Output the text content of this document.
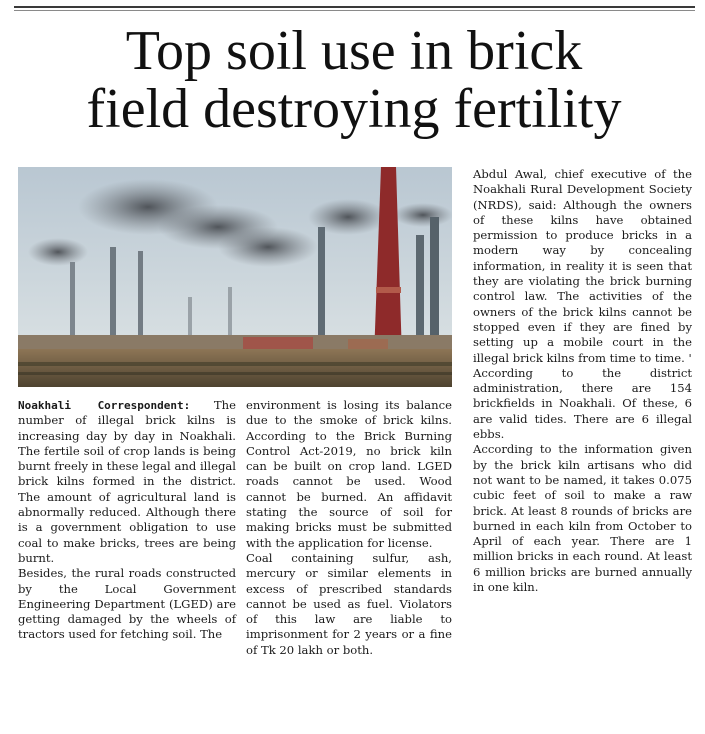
Top soil use in brick
field destroying fertility

Noakhali Correspondent: The number of illegal brick kilns is increasing day by day in Noakhali. The fertile soil of crop lands is being burnt freely in these legal and illegal brick kilns formed in the district. The amount of agricultural land is abnormally reduced. Although there is a government obligation to use coal to make bricks, trees are being burnt.

Besides, the rural roads constructed by the Local Government Engineering Department (LGED) are getting damaged by the wheels of tractors used for fetching soil. The

environment is losing its balance due to the smoke of brick kilns. According to the Brick Burning Control Act-2019, no brick kiln can be built on crop land. LGED roads cannot be used. Wood cannot be burned. An affidavit stating the source of soil for making bricks must be submitted with the application for license.

Coal containing sulfur, ash, mercury or similar elements in excess of prescribed standards cannot be used as fuel. Violators of this law are liable to imprisonment for 2 years or a fine of Tk 20 lakh or both.

Abdul Awal, chief executive of the Noakhali Rural Development Society (NRDS), said: Although the owners of these kilns have obtained permission to produce bricks in a modern way by concealing information, in reality it is seen that they are violating the brick burning control law. The activities of the owners of the brick kilns cannot be stopped even if they are fined by setting up a mobile court in the illegal brick kilns from time to time. '

According to the district administration, there are 154 brickfields in Noakhali. Of these, 6 are valid tides. There are 6 illegal ebbs.

According to the information given by the brick kiln artisans who did not want to be named, it takes 0.075 cubic feet of soil to make a raw brick. At least 8 rounds of bricks are burned in each kiln from October to April of each year. There are 1 million bricks in each round. At least 6 million bricks are burned annually in one kiln.
